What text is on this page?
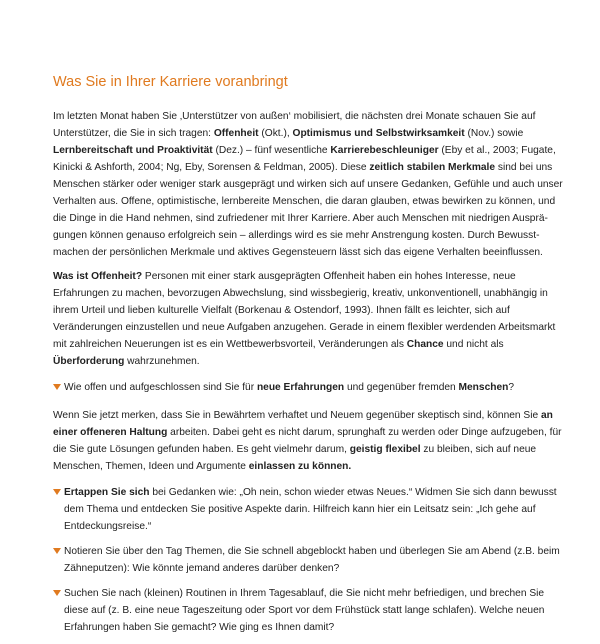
Was Sie in Ihrer Karriere voranbringt

Im letzten Monat haben Sie ‚Unterstützer von außen‘ mobilisiert, die nächsten drei Monate schauen Sie auf Unterstützer, die Sie in sich tragen: Offenheit (Okt.), Optimismus und Selbstwirksamkeit (Nov.) sowie Lernbereitschaft und Proaktivität (Dez.) – fünf wesentliche Karrierebeschleuniger (Eby et al., 2003; Fugate, Kinicki & Ashforth, 2004; Ng, Eby, Sorensen & Feldman, 2005). Diese zeitlich stabilen Merkmale sind bei uns Menschen stärker oder weniger stark ausgeprägt und wirken sich auf unsere Gedanken, Gefühle und auch unser Verhalten aus. Offene, optimistische, lernbereite Menschen, die daran glauben, etwas bewirken zu können, und die Dinge in die Hand nehmen, sind zufriedener mit Ihrer Karriere. Aber auch Menschen mit niedrigen Ausprägungen können genauso erfolgreich sein – allerdings wird es sie mehr Anstrengung kosten. Durch Bewusstmachen der persönlichen Merkmale und aktives Gegensteuern lässt sich das eigene Verhalten beeinflussen.

Was ist Offenheit? Personen mit einer stark ausgeprägten Offenheit haben ein hohes Interesse, neue Erfahrungen zu machen, bevorzugen Abwechslung, sind wissbegierig, kreativ, unkonventionell, unabhängig in ihrem Urteil und lieben kulturelle Vielfalt (Borkenau & Ostendorf, 1993). Ihnen fällt es leichter, sich auf Veränderungen einzustellen und neue Aufgaben anzugehen. Gerade in einem flexibler werdenden Arbeitsmarkt mit zahlreichen Neuerungen ist es ein Wettbewerbsvorteil, Veränderungen als Chance und nicht als Überforderung wahrzunehmen.

Wie offen und aufgeschlossen sind Sie für neue Erfahrungen und gegenüber fremden Menschen?

Wenn Sie jetzt merken, dass Sie in Bewährtem verhaftet und Neuem gegenüber skeptisch sind, können Sie an einer offeneren Haltung arbeiten. Dabei geht es nicht darum, sprunghaft zu werden oder Dinge aufzugeben, für die Sie gute Lösungen gefunden haben. Es geht vielmehr darum, geistig flexibel zu bleiben, sich auf neue Menschen, Themen, Ideen und Argumente einlassen zu können.

Ertappen Sie sich bei Gedanken wie: „Oh nein, schon wieder etwas Neues.“ Widmen Sie sich dann bewusst dem Thema und entdecken Sie positive Aspekte darin. Hilfreich kann hier ein Leitsatz sein: „Ich gehe auf Entdeckungsreise.“
Notieren Sie über den Tag Themen, die Sie schnell abgeblockt haben und überlegen Sie am Abend (z.B. beim Zähneputzen): Wie könnte jemand anderes darüber denken?
Suchen Sie nach (kleinen) Routinen in Ihrem Tagesablauf, die Sie nicht mehr befriedigen, und brechen Sie diese auf (z. B. eine neue Tageszeitung oder Sport vor dem Frühstück statt lange schlafen). Welche neuen Erfahrungen haben Sie gemacht? Wie ging es Ihnen damit?
